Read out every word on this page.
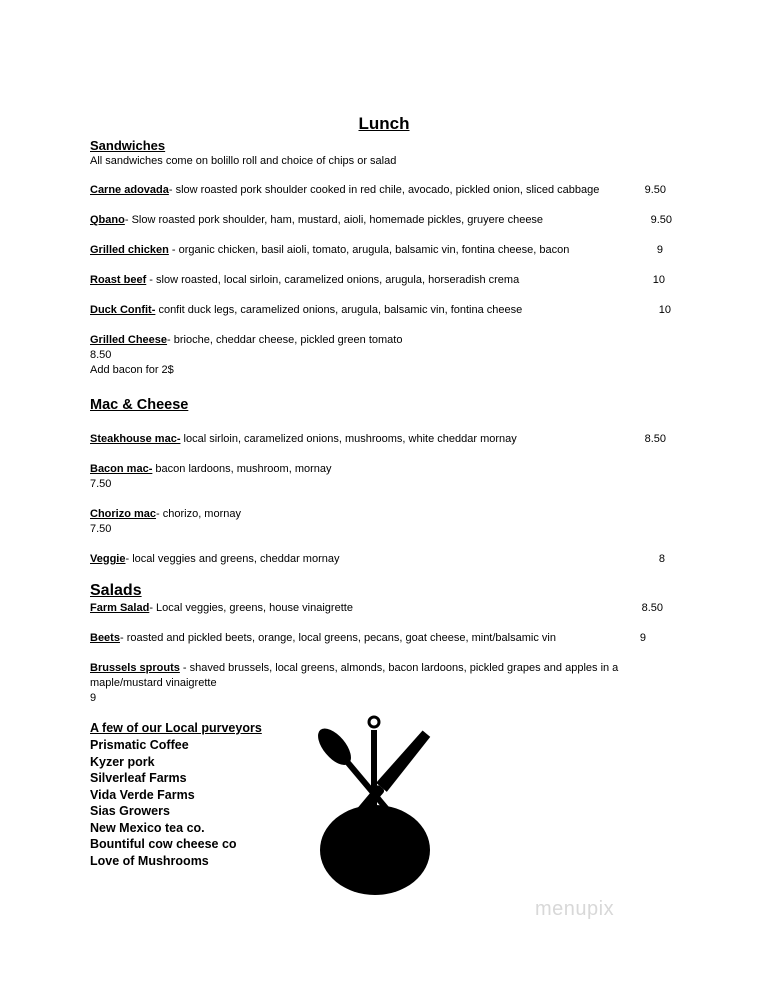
Lunch
Sandwiches
All sandwiches come on bolillo roll and choice of chips or salad
Carne adovada- slow roasted pork shoulder cooked in red chile, avocado, pickled onion, sliced cabbage	9.50
Qbano- Slow roasted pork shoulder, ham, mustard, aioli, homemade pickles, gruyere cheese	9.50
Grilled chicken - organic chicken, basil aioli, tomato, arugula, balsamic vin, fontina cheese, bacon	9
Roast beef - slow roasted, local sirloin, caramelized onions, arugula, horseradish crema	10
Duck Confit- confit duck legs, caramelized onions, arugula, balsamic vin, fontina cheese	10
Grilled Cheese- brioche, cheddar cheese, pickled green tomato
8.50
Add bacon for 2$
Mac & Cheese
Steakhouse mac- local sirloin, caramelized onions, mushrooms, white cheddar mornay	8.50
Bacon mac- bacon lardoons, mushroom, mornay
7.50
Chorizo mac- chorizo, mornay
7.50
Veggie- local veggies and greens, cheddar mornay	8
Salads
Farm Salad- Local veggies, greens, house vinaigrette	8.50
Beets- roasted and pickled beets, orange, local greens, pecans, goat cheese, mint/balsamic vin	9
Brussels sprouts - shaved brussels, local greens, almonds, bacon lardoons, pickled grapes and apples in a
maple/mustard vinaigrette
9
A few of our Local purveyors
Prismatic Coffee
Kyzer pork
Silverleaf Farms
Vida Verde Farms
Sias Growers
New Mexico tea co.
Bountiful cow cheese co
Love of Mushrooms
menupix
